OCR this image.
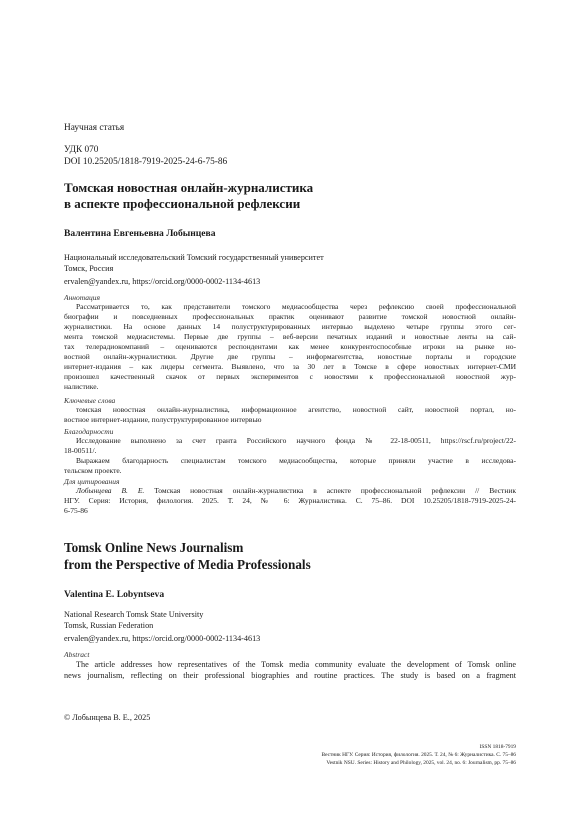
Научная статья
УДК 070
DOI 10.25205/1818-7919-2025-24-6-75-86
Томская новостная онлайн-журналистика
в аспекте профессиональной рефлексии
Валентина Евгеньевна Лобынцева
Национальный исследовательский Томский государственный университет
Томск, Россия
ervalen@yandex.ru, https://orcid.org/0000-0002-1134-4613
Аннотация
Рассматривается то, как представители томского медиасообщества через рефлексию своей профессиональной
биографии и повседневных профессиональных практик оценивают развитие томской новостной онлайн-
журналистики. На основе данных 14 полуструктурированных интервью выделено четыре группы этого сег-
мента томской медиасистемы. Первые две группы – веб-версии печатных изданий и новостные ленты на сай-
тах телерадиокомпаний – оцениваются респондентами как менее конкурентоспособные игроки на рынке но-
востной онлайн-журналистики. Другие две группы – информагентства, новостные порталы и городские
интернет-издания – как лидеры сегмента. Выявлено, что за 30 лет в Томске в сфере новостных интернет-СМИ
произошел качественный скачок от первых экспериментов с новостями к профессиональной новостной жур-
налистике.
Ключевые слова
томская новостная онлайн-журналистика, информационное агентство, новостной сайт, новостной портал, но-
востное интернет-издание, полуструктурированное интервью
Благодарности
Исследование выполнено за счет гранта Российского научного фонда № 22-18-00511, https://rscf.ru/project/22-
18-00511/.
Выражаем благодарность специалистам томского медиасообщества, которые приняли участие в исследова-
тельском проекте.
Для цитирования
Лобынцева В. Е. Томская новостная онлайн-журналистика в аспекте профессиональной рефлексии // Вестник
НГУ. Серия: История, филология. 2025. Т. 24, № 6: Журналистика. С. 75–86. DOI 10.25205/1818-7919-2025-24-
6-75-86
Tomsk Online News Journalism
from the Perspective of Media Professionals
Valentina E. Lobyntseva
National Research Tomsk State University
Tomsk, Russian Federation
ervalen@yandex.ru, https://orcid.org/0000-0002-1134-4613
Abstract
The article addresses how representatives of the Tomsk media community evaluate the development of Tomsk online
news journalism, reflecting on their professional biographies and routine practices. The study is based on a fragment
© Лобынцева В. Е., 2025
ISSN 1818-7919
Вестник НГУ. Серия: История, филология. 2025. Т. 24, № 6: Журналистика. С. 75–86
Vestnik NSU. Series: History and Philology, 2025, vol. 24, no. 6: Journalism, pp. 75–86
